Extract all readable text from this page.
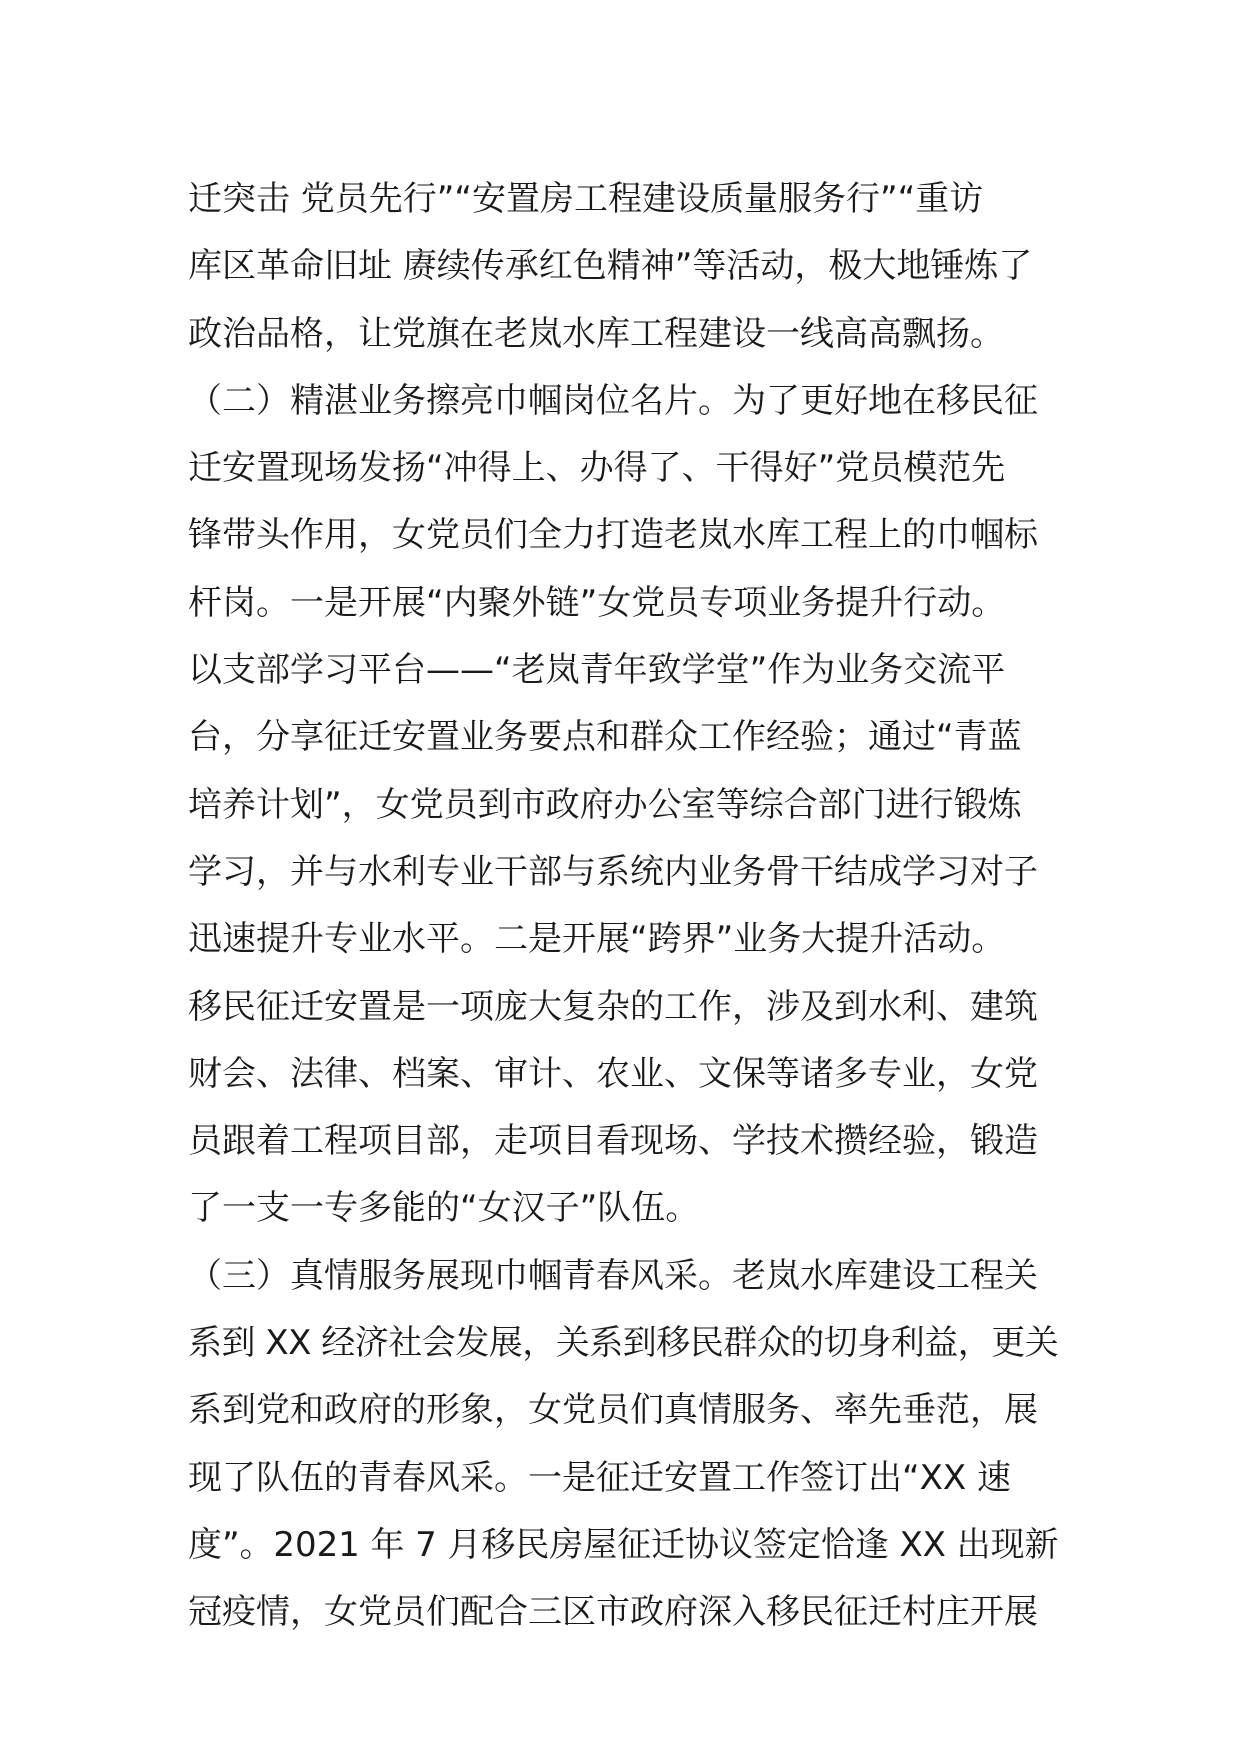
迁突击 党员先行”“安置房工程建设质量服务行”“重访
库区革命旧址 赓续传承红色精神”等活动，极大地锤炼了
政治品格，让党旗在老岚水库工程建设一线高高飘扬。
（二）精湛业务擦亮巾帼岗位名片。为了更好地在移民征
迁安置现场发扬“冲得上、办得了、干得好”党员模范先
锋带头作用，女党员们全力打造老岚水库工程上的巾帼标
杆岗。一是开展“内聚外链”女党员专项业务提升行动。
以支部学习平台——“老岚青年致学堂”作为业务交流平
台，分享征迁安置业务要点和群众工作经验；通过“青蓝
培养计划”，女党员到市政府办公室等综合部门进行锻炼
学习，并与水利专业干部与系统内业务骨干结成学习对子
迅速提升专业水平。二是开展“跨界”业务大提升活动。
移民征迁安置是一项庞大复杂的工作，涉及到水利、建筑
财会、法律、档案、审计、农业、文保等诸多专业，女党
员跟着工程项目部，走项目看现场、学技术攒经验，锻造
了一支一专多能的“女汉子”队伍。
（三）真情服务展现巾帼青春风采。老岚水库建设工程关
系到 XX 经济社会发展，关系到移民群众的切身利益，更关
系到党和政府的形象，女党员们真情服务、率先垂范，展
现了队伍的青春风采。一是征迁安置工作签订出“XX 速
度”。2021 年 7 月移民房屋征迁协议签定恰逢 XX 出现新
冠疫情，女党员们配合三区市政府深入移民征迁村庄开展
